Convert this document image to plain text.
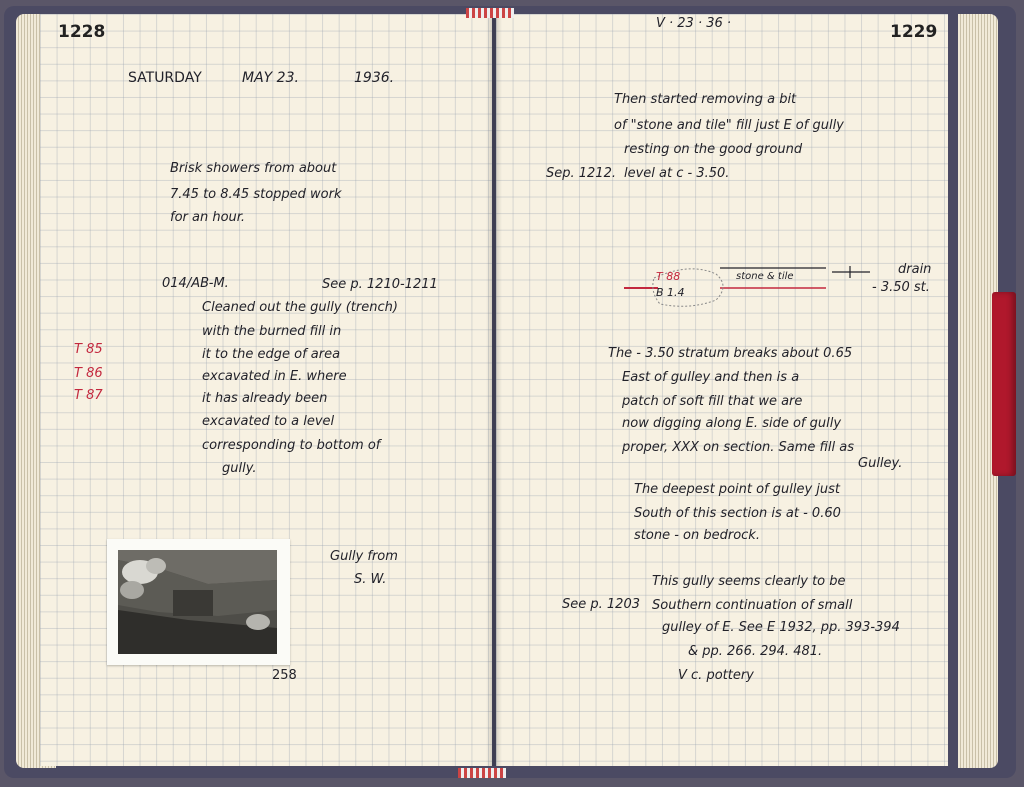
1228
SATURDAY	MAY 23.	1936.
Brisk showers from about
7.45 to 8.45 stopped work
for an hour.
014/AB-M.	See p. 1210-1211
Cleaned out the gully (trench)
with the burned fill in
it to the edge of area
excavated in E. where
it has already been
excavated to a level
corresponding to bottom of
gully.
T 85
T 86
T 87
Gully from
S. W.
258
V · 23 · 36 ·	1229
Then started removing a bit
of "stone and tile" fill just E of gully
resting on the good ground
Sep. 1212. level at c - 3.50.
T 88
B 1.4
stone & tile	drain
- 3.50 st.
The - 3.50 stratum breaks about 0.65
East of gulley and then is a
patch of soft fill that we are
now digging along E. side of gully
proper, XXX on section. Same fill as
Gulley.
The deepest point of gulley just
South of this section is at - 0.60
stone - on bedrock.
See p. 1203
This gully seems clearly to be
Southern continuation of small
gulley of E. See E 1932, pp. 393-394
& pp. 266. 294. 481.
V c. pottery
